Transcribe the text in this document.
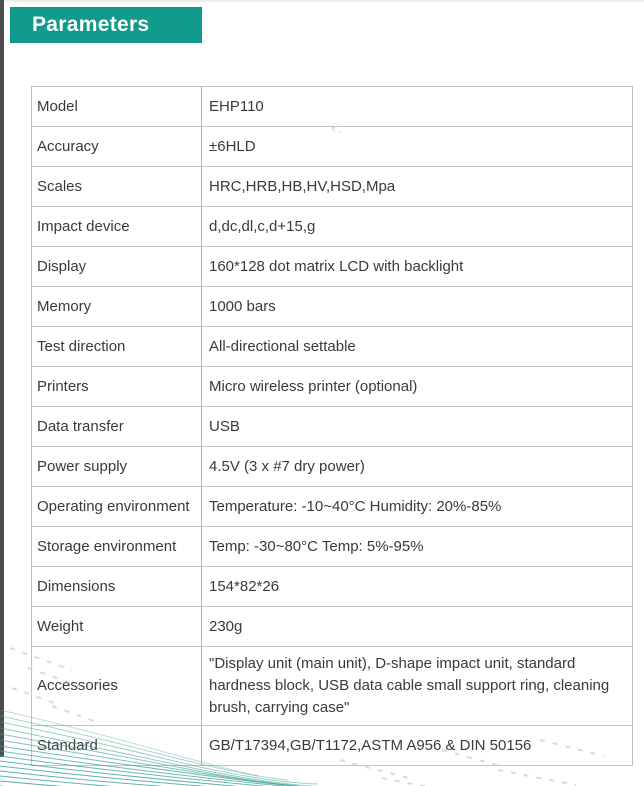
Parameters
Model	EHP110
Accuracy	±6HLD
Scales	HRC,HRB,HB,HV,HSD,Mpa
Impact device	d,dc,dl,c,d+15,g
Display	160*128 dot matrix LCD with backlight
Memory	1000 bars
Test direction	All-directional settable
Printers	Micro wireless printer (optional)
Data transfer	USB
Power supply	4.5V (3 x #7 dry power)
Operating environment	Temperature: -10~40°C Humidity: 20%-85%
Storage environment	Temp: -30~80°C Temp: 5%-95%
Dimensions	154*82*26
Weight	230g
Accessories	"Display unit (main unit), D-shape impact unit, standard hardness block, USB data cable small support ring, cleaning brush, carrying case"
Standard	GB/T17394,GB/T1172,ASTM A956 & DIN 50156
